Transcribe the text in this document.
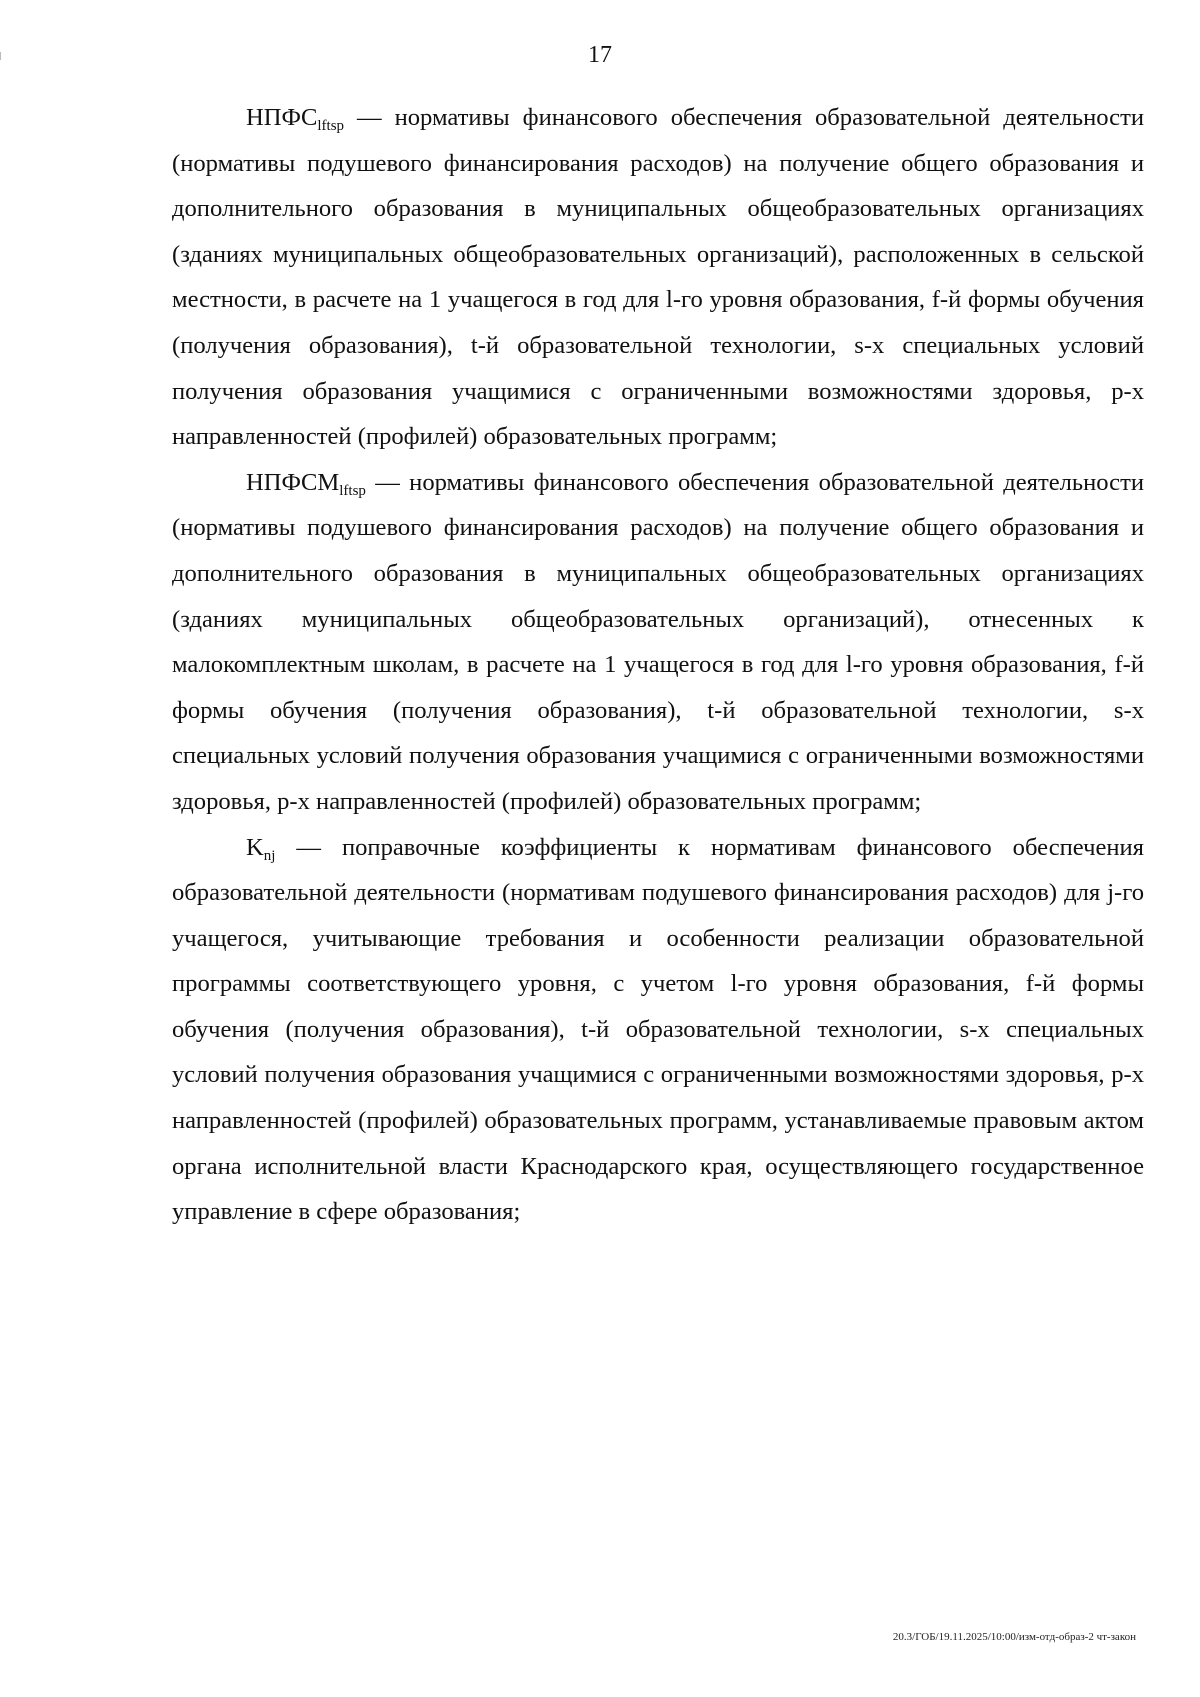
17

$НПФС_{lftsp}$ — нормативы финансового обеспечения образовательной деятельности (нормативы подушевого финансирования расходов) на получение общего образования и дополнительного образования в муниципальных общеобразовательных организациях (зданиях муниципальных общеобразовательных организаций), расположенных в сельской местности, в расчете на 1 учащегося в год для l-го уровня образования, f-й формы обучения (получения образования), t-й образовательной технологии, s-х специальных условий получения образования учащимися с ограниченными возможностями здоровья, p-х направленностей (профилей) образовательных программ;

$НПФСМ_{lftsp}$ — нормативы финансового обеспечения образовательной деятельности (нормативы подушевого финансирования расходов) на получение общего образования и дополнительного образования в муниципальных общеобразовательных организациях (зданиях муниципальных общеобразовательных организаций), отнесенных к малокомплектным школам, в расчете на 1 учащегося в год для l-го уровня образования, f-й формы обучения (получения образования), t-й образовательной технологии, s-х специальных условий получения образования учащимися с ограниченными возможностями здоровья, p-х направленностей (профилей) образовательных программ;

$K_{nj}$ — поправочные коэффициенты к нормативам финансового обеспечения образовательной деятельности (нормативам подушевого финансирования расходов) для j-го учащегося, учитывающие требования и особенности реализации образовательной программы соответствующего уровня, с учетом l-го уровня образования, f-й формы обучения (получения образования), t-й образовательной технологии, s-х специальных условий получения образования учащимися с ограниченными возможностями здоровья, p-х направленностей (профилей) образовательных программ, устанавливаемые правовым актом органа исполнительной власти Краснодарского края, осуществляющего государственное управление в сфере образования;

20.3/ГОБ/19.11.2025/10:00/изм-отд-образ-2 чт-закон
